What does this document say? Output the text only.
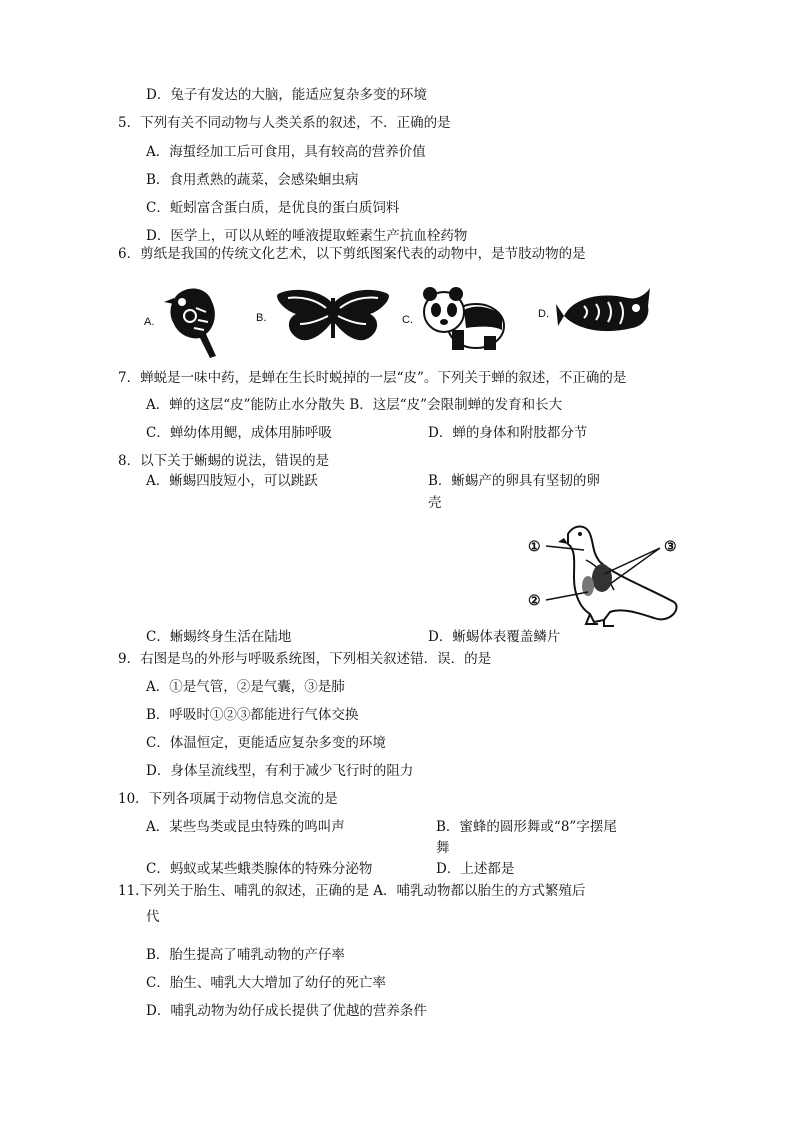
D．兔子有发达的大脑，能适应复杂多变的环境
5．下列有关不同动物与人类关系的叙述，不．正确的是
A．海蜇经加工后可食用，具有较高的营养价值
B．食用煮熟的蔬菜，会感染蛔虫病
C．蚯蚓富含蛋白质，是优良的蛋白质饲料
D．医学上，可以从蛭的唾液提取蛭素生产抗血栓药物
6．剪纸是我国的传统文化艺术，以下剪纸图案代表的动物中，是节肢动物的是
A.	B.	C.	D.
7．蝉蜕是一味中药，是蝉在生长时蜕掉的一层“皮”。下列关于蝉的叙述，不正确的是
A．蝉的这层“皮”能防止水分散失 B．这层“皮”会限制蝉的发育和长大
C．蝉幼体用鳃，成体用肺呼吸	D．蝉的身体和附肢都分节
8．以下关于蜥蜴的说法，错误的是
A．蜥蜴四肢短小，可以跳跃	B．蜥蜴产的卵具有坚韧的卵
壳
①
②
③
C．蜥蜴终身生活在陆地	D．蜥蜴体表覆盖鳞片
9．右图是鸟的外形与呼吸系统图，下列相关叙述错．误．的是
A．①是气管，②是气囊，③是肺
B．呼吸时①②③都能进行气体交换
C．体温恒定，更能适应复杂多变的环境
D．身体呈流线型，有利于减少飞行时的阻力
10．下列各项属于动物信息交流的是
A．某些鸟类或昆虫特殊的鸣叫声	B．蜜蜂的圆形舞或“8”字摆尾
舞
C．蚂蚁或某些蛾类腺体的特殊分泌物	D．上述都是
11.下列关于胎生、哺乳的叙述，正确的是 A．哺乳动物都以胎生的方式繁殖后
代
B．胎生提高了哺乳动物的产仔率
C．胎生、哺乳大大增加了幼仔的死亡率
D．哺乳动物为幼仔成长提供了优越的营养条件
